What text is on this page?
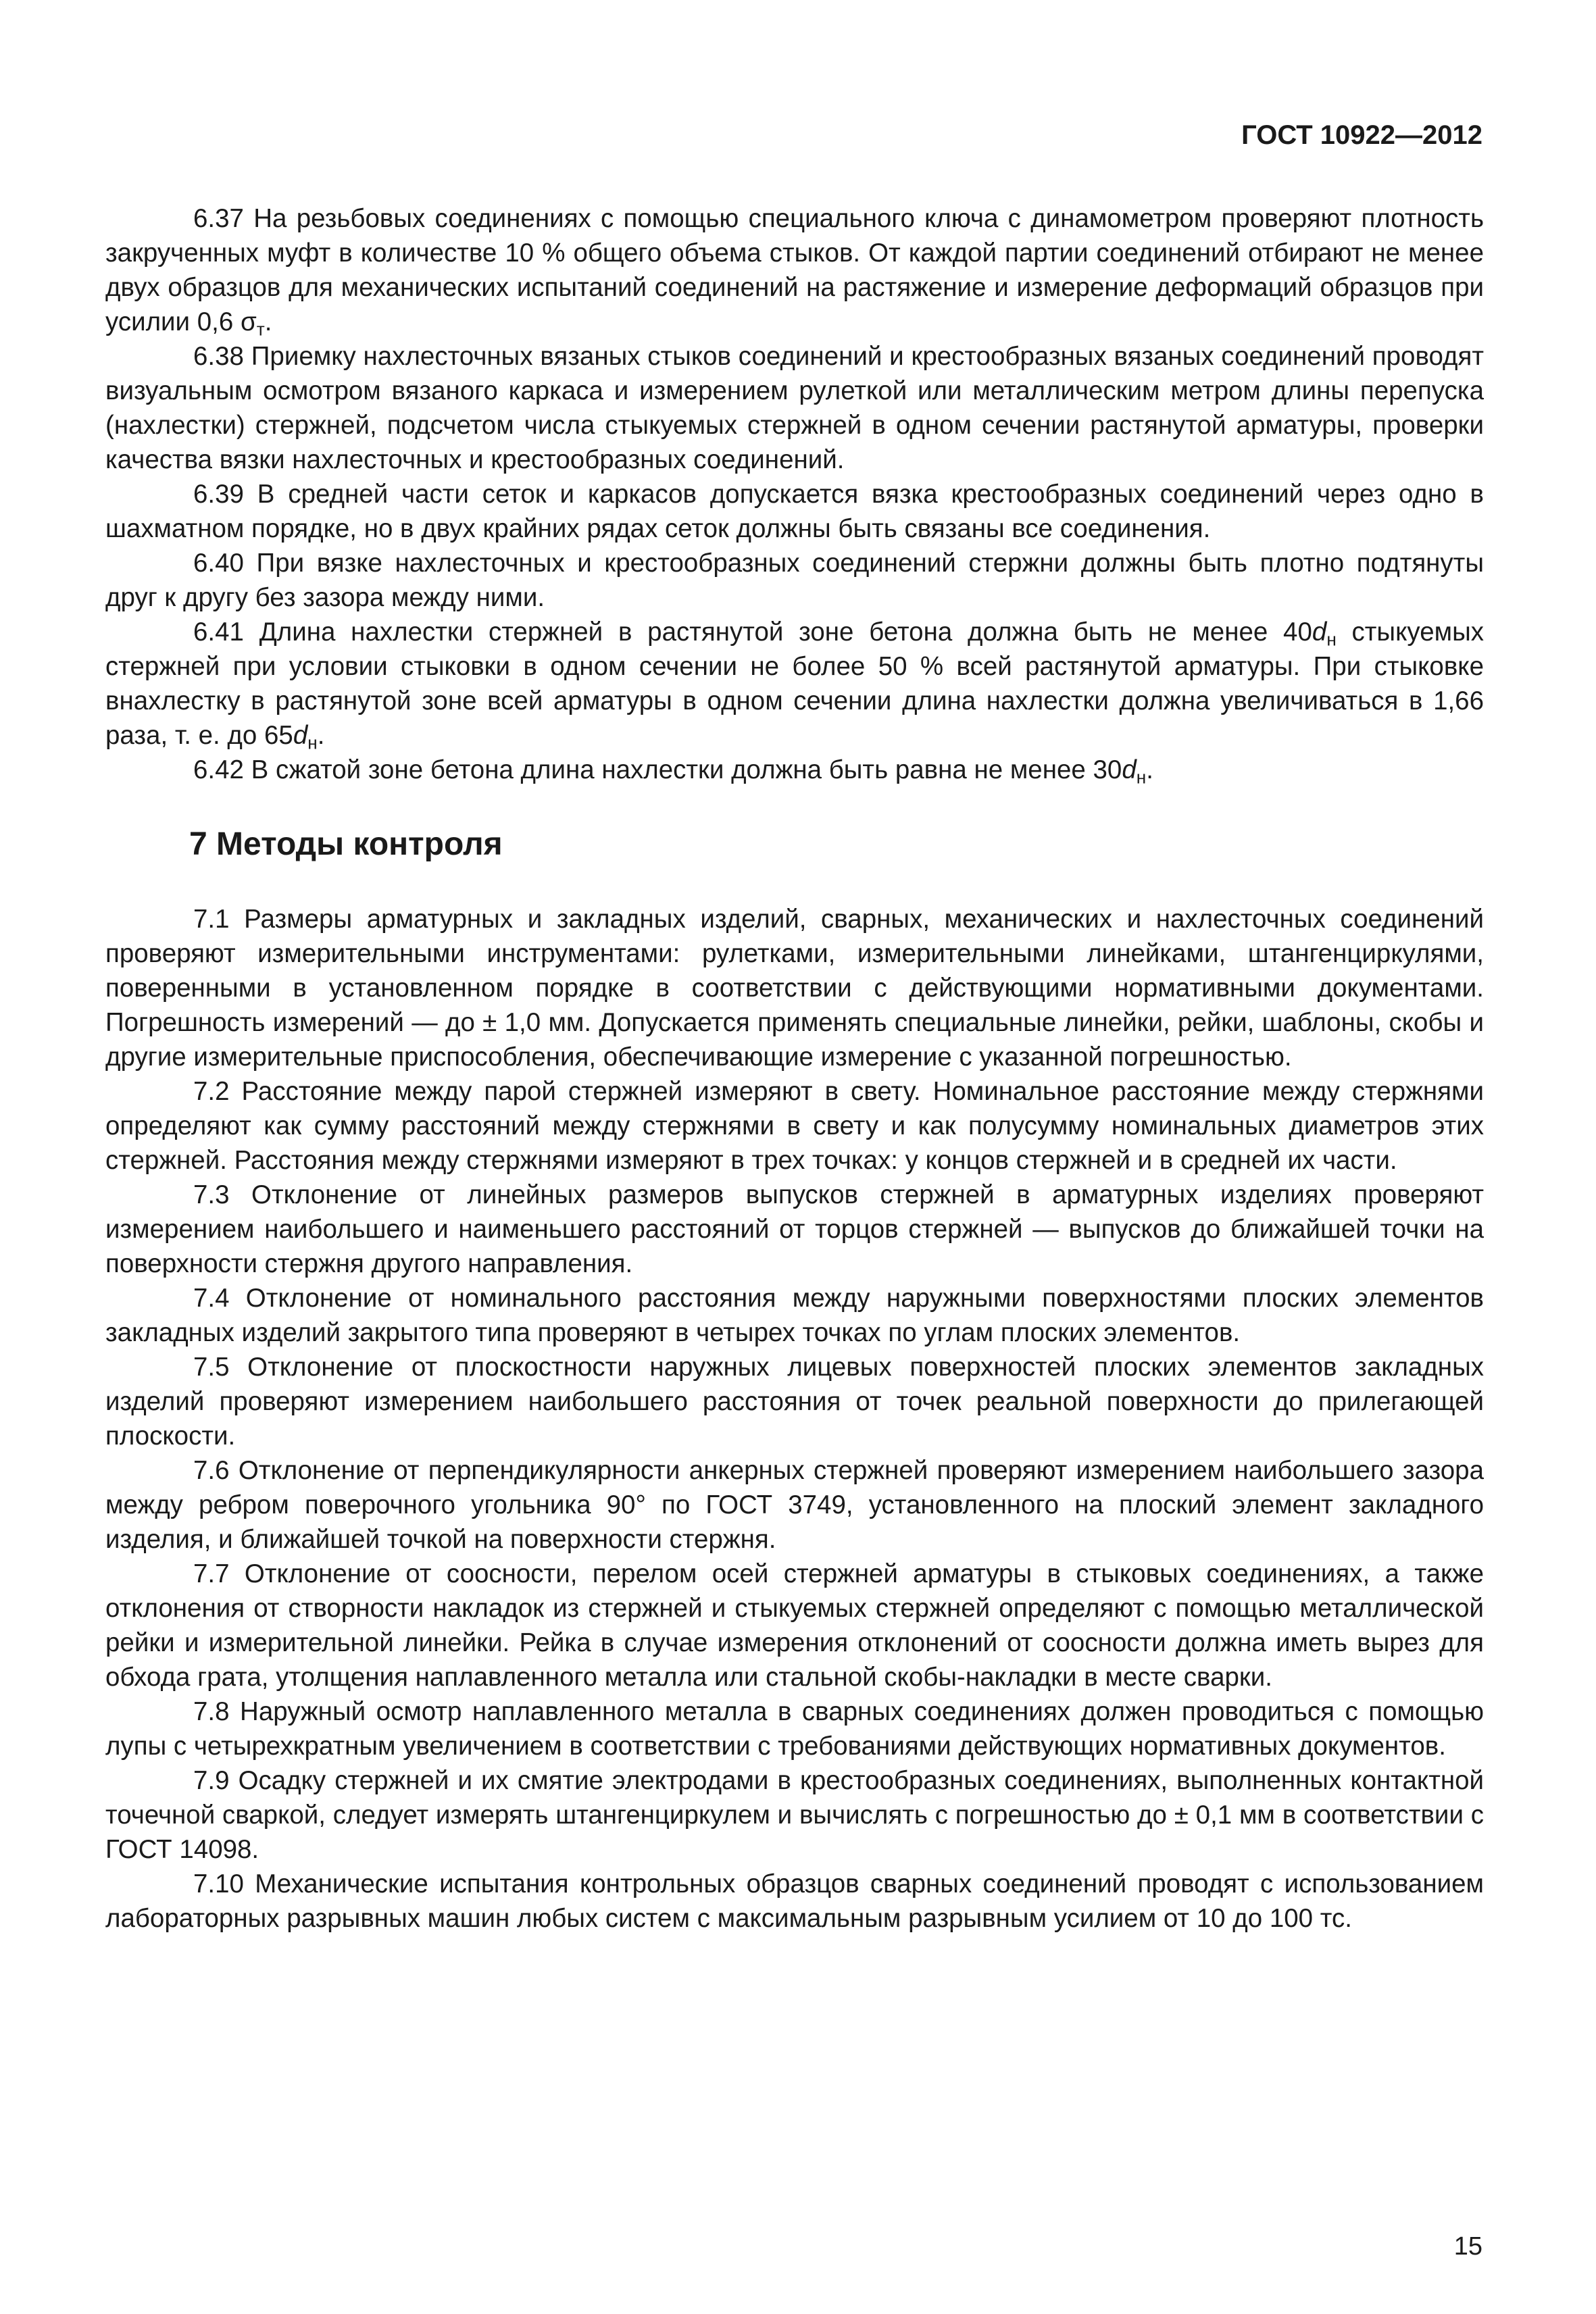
ГОСТ 10922—2012

6.37 На резьбовых соединениях с помощью специального ключа с динамометром проверяют плотность закрученных муфт в количестве 10 % общего объема стыков. От каждой партии соединений отбирают не менее двух образцов для механических испытаний соединений на растяжение и измерение деформаций образцов при усилии 0,6 $\sigma_т$.

6.38 Приемку нахлесточных вязаных стыков соединений и крестообразных вязаных соединений проводят визуальным осмотром вязаного каркаса и измерением рулеткой или металлическим метром длины перепуска (нахлестки) стержней, подсчетом числа стыкуемых стержней в одном сечении растянутой арматуры, проверки качества вязки нахлесточных и крестообразных соединений.

6.39 В средней части сеток и каркасов допускается вязка крестообразных соединений через одно в шахматном порядке, но в двух крайних рядах сеток должны быть связаны все соединения.

6.40 При вязке нахлесточных и крестообразных соединений стержни должны быть плотно подтянуты друг к другу без зазора между ними.

6.41 Длина нахлестки стержней в растянутой зоне бетона должна быть не менее $40d_н$ стыкуемых стержней при условии стыковки в одном сечении не более 50 % всей растянутой арматуры. При стыковке внахлестку в растянутой зоне всей арматуры в одном сечении длина нахлестки должна увеличиваться в 1,66 раза, т. е. до $65d_н$.

6.42 В сжатой зоне бетона длина нахлестки должна быть равна не менее $30d_н$.

7 Методы контроля

7.1 Размеры арматурных и закладных изделий, сварных, механических и нахлесточных соединений проверяют измерительными инструментами: рулетками, измерительными линейками, штангенциркулями, поверенными в установленном порядке в соответствии с действующими нормативными документами. Погрешность измерений — до ± 1,0 мм. Допускается применять специальные линейки, рейки, шаблоны, скобы и другие измерительные приспособления, обеспечивающие измерение с указанной погрешностью.

7.2 Расстояние между парой стержней измеряют в свету. Номинальное расстояние между стержнями определяют как сумму расстояний между стержнями в свету и как полусумму номинальных диаметров этих стержней. Расстояния между стержнями измеряют в трех точках: у концов стержней и в средней их части.

7.3 Отклонение от линейных размеров выпусков стержней в арматурных изделиях проверяют измерением наибольшего и наименьшего расстояний от торцов стержней — выпусков до ближайшей точки на поверхности стержня другого направления.

7.4 Отклонение от номинального расстояния между наружными поверхностями плоских элементов закладных изделий закрытого типа проверяют в четырех точках по углам плоских элементов.

7.5 Отклонение от плоскостности наружных лицевых поверхностей плоских элементов закладных изделий проверяют измерением наибольшего расстояния от точек реальной поверхности до прилегающей плоскости.

7.6 Отклонение от перпендикулярности анкерных стержней проверяют измерением наибольшего зазора между ребром поверочного угольника 90° по ГОСТ 3749, установленного на плоский элемент закладного изделия, и ближайшей точкой на поверхности стержня.

7.7 Отклонение от соосности, перелом осей стержней арматуры в стыковых соединениях, а также отклонения от створности накладок из стержней и стыкуемых стержней определяют с помощью металлической рейки и измерительной линейки. Рейка в случае измерения отклонений от соосности должна иметь вырез для обхода грата, утолщения наплавленного металла или стальной скобы-накладки в месте сварки.

7.8 Наружный осмотр наплавленного металла в сварных соединениях должен проводиться с помощью лупы с четырехкратным увеличением в соответствии с требованиями действующих нормативных документов.

7.9 Осадку стержней и их смятие электродами в крестообразных соединениях, выполненных контактной точечной сваркой, следует измерять штангенциркулем и вычислять с погрешностью до ± 0,1 мм в соответствии с ГОСТ 14098.

7.10 Механические испытания контрольных образцов сварных соединений проводят с использованием лабораторных разрывных машин любых систем с максимальным разрывным усилием от 10 до 100 тс.

15
